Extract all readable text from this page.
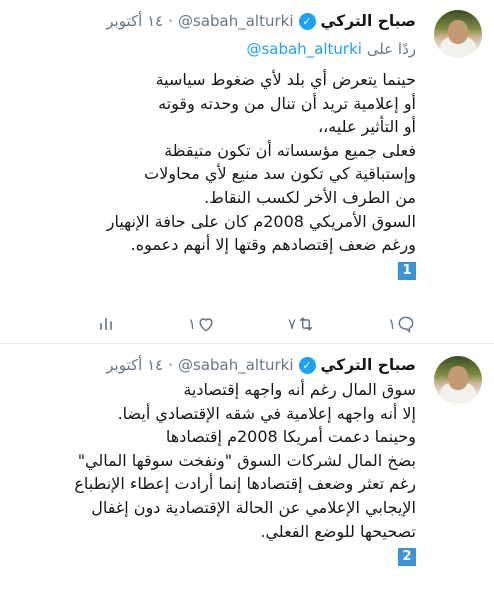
صباح التركي
✓
@sabah_alturki
·
١٤ أكتوبر
ردًا على @sabah_alturki
حينما يتعرض أي بلد لأي ضغوط سياسية
أو إعلامية تريد أن تنال من وحدته وقوته
أو التأثير عليه،،
فعلى جميع مؤسساته أن تكون متيقظة
وإستباقية كي تكون سد منيع لأي محاولات
من الطرف الأخر لكسب النقاط.
السوق الأمريكي 2008م كان على حافة الإنهيار
ورغم ضعف إقتصادهم وقتها إلا أنهم دعموه.
1
١
٧
١
صباح التركي
✓
@sabah_alturki
·
١٤ أكتوبر
سوق المال رغم أنه واجهه إقتصادية
إلا أنه واجهه إعلامية في شقه الإقتصادي أيضا.
وحينما دعمت أمريكا 2008م إقتصادها
بضخ المال لشركات السوق "ونفخت سوقها المالي"
رغم تعثر وضعف إقتصادها إنما أرادت إعطاء الإنطباع
الإيجابي الإعلامي عن الحالة الإقتصادية دون إغفال
تصحيحها للوضع الفعلي.
2
